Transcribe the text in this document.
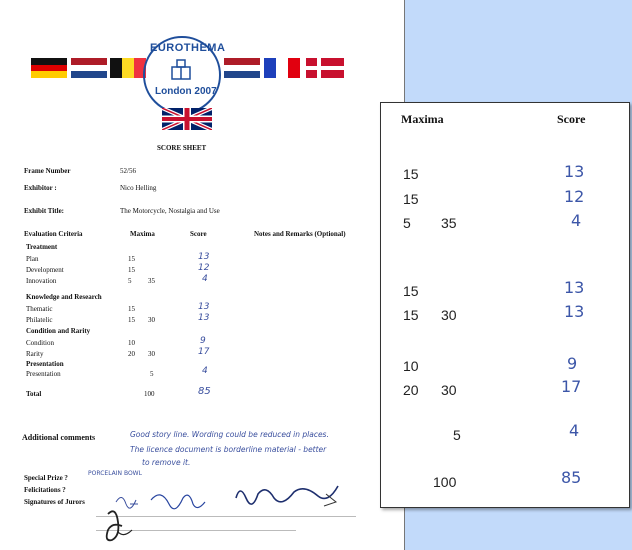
EUROTHEMA
London 2007
SCORE SHEET
Frame Number	52/56
Exhibitor :	Nico Helling
Exhibit Title:	The Motorcycle, Nostalgia and Use
Evaluation Criteria	Maxima	Score	Notes and Remarks (Optional)
Treatment
Plan	15	13
Development	15	12
Innovation	5 35	4
Knowledge and Research
Thematic	15	13
Philatelic	15 30	13
Condition and Rarity
Condition	10	9
Rarity	20 30	17
Presentation
Presentation	5	4
Total	100	85
Additional comments	Good story line. Wording could be reduced in places.
The licence document is borderline material - better
to remove it.
Special Prize ?
PORCELAIN BOWL
Felicitations ?
Signatures of Jurors
Maxima	Score
15	13
15	12
5 35	4
15	13
15 30	13
10	9
20 30	17
5	4
100	85
